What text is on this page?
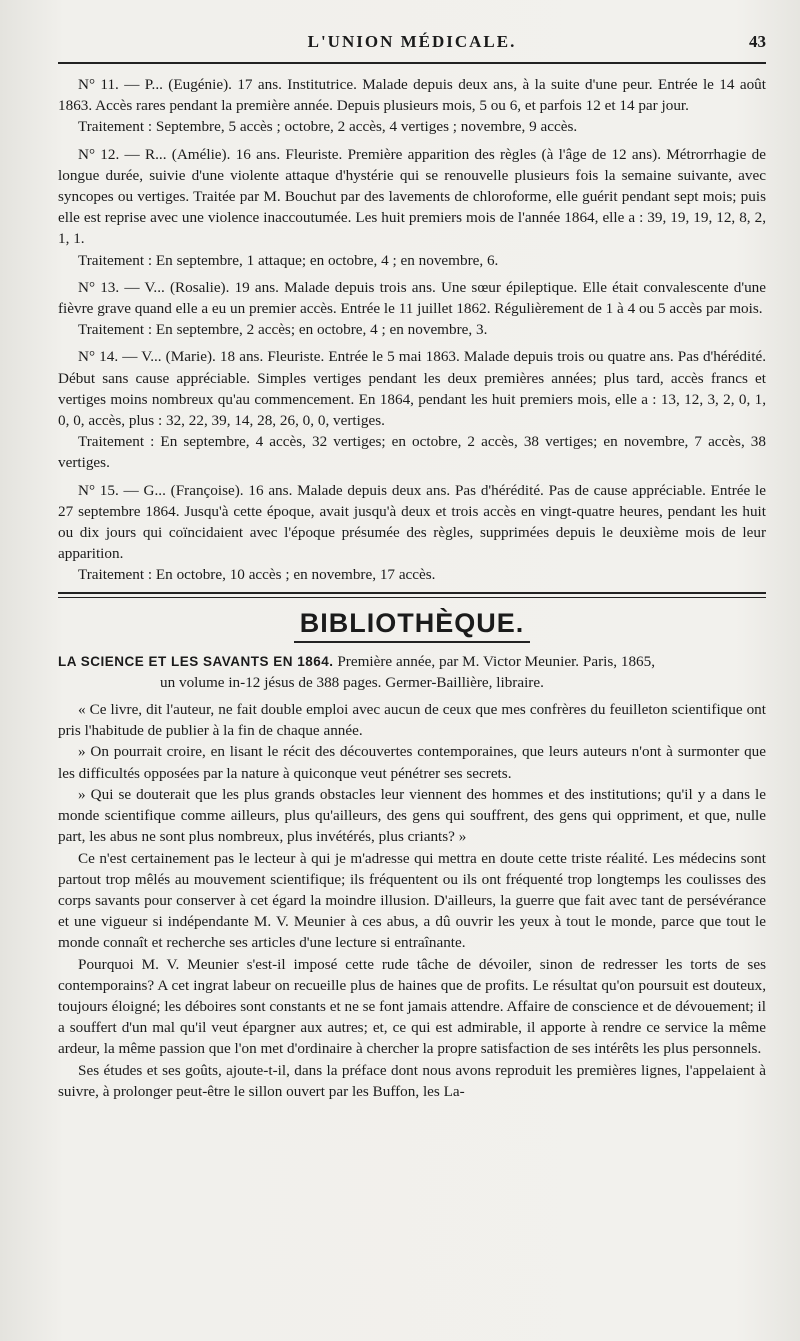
L'UNION MÉDICALE.	43

N° 11. — P... (Eugénie). 17 ans. Institutrice. Malade depuis deux ans, à la suite d'une peur. Entrée le 14 août 1863. Accès rares pendant la première année. Depuis plusieurs mois, 5 ou 6, et parfois 12 et 14 par jour.

Traitement : Septembre, 5 accès ; octobre, 2 accès, 4 vertiges ; novembre, 9 accès.

N° 12. — R... (Amélie). 16 ans. Fleuriste. Première apparition des règles (à l'âge de 12 ans). Métrorrhagie de longue durée, suivie d'une violente attaque d'hystérie qui se renouvelle plusieurs fois la semaine suivante, avec syncopes ou vertiges. Traitée par M. Bouchut par des lavements de chloroforme, elle guérit pendant sept mois; puis elle est reprise avec une violence inaccoutumée. Les huit premiers mois de l'année 1864, elle a : 39, 19, 19, 12, 8, 2, 1, 1.

Traitement : En septembre, 1 attaque; en octobre, 4 ; en novembre, 6.

N° 13. — V... (Rosalie). 19 ans. Malade depuis trois ans. Une sœur épileptique. Elle était convalescente d'une fièvre grave quand elle a eu un premier accès. Entrée le 11 juillet 1862. Régulièrement de 1 à 4 ou 5 accès par mois.

Traitement : En septembre, 2 accès; en octobre, 4 ; en novembre, 3.

N° 14. — V... (Marie). 18 ans. Fleuriste. Entrée le 5 mai 1863. Malade depuis trois ou quatre ans. Pas d'hérédité. Début sans cause appréciable. Simples vertiges pendant les deux premières années; plus tard, accès francs et vertiges moins nombreux qu'au commencement. En 1864, pendant les huit premiers mois, elle a : 13, 12, 3, 2, 0, 1, 0, 0, accès, plus : 32, 22, 39, 14, 28, 26, 0, 0, vertiges.

Traitement : En septembre, 4 accès, 32 vertiges; en octobre, 2 accès, 38 vertiges; en novembre, 7 accès, 38 vertiges.

N° 15. — G... (Françoise). 16 ans. Malade depuis deux ans. Pas d'hérédité. Pas de cause appréciable. Entrée le 27 septembre 1864. Jusqu'à cette époque, avait jusqu'à deux et trois accès en vingt-quatre heures, pendant les huit ou dix jours qui coïncidaient avec l'époque présumée des règles, supprimées depuis le deuxième mois de leur apparition.

Traitement : En octobre, 10 accès ; en novembre, 17 accès.

BIBLIOTHÈQUE.

LA SCIENCE ET LES SAVANTS EN 1864. Première année, par M. Victor Meunier. Paris, 1865,

un volume in-12 jésus de 388 pages. Germer-Baillière, libraire.

« Ce livre, dit l'auteur, ne fait double emploi avec aucun de ceux que mes confrères du feuilleton scientifique ont pris l'habitude de publier à la fin de chaque année.

» On pourrait croire, en lisant le récit des découvertes contemporaines, que leurs auteurs n'ont à surmonter que les difficultés opposées par la nature à quiconque veut pénétrer ses secrets.

» Qui se douterait que les plus grands obstacles leur viennent des hommes et des institutions; qu'il y a dans le monde scientifique comme ailleurs, plus qu'ailleurs, des gens qui souffrent, des gens qui oppriment, et que, nulle part, les abus ne sont plus nombreux, plus invétérés, plus criants? »

Ce n'est certainement pas le lecteur à qui je m'adresse qui mettra en doute cette triste réalité. Les médecins sont partout trop mêlés au mouvement scientifique; ils fréquentent ou ils ont fréquenté trop longtemps les coulisses des corps savants pour conserver à cet égard la moindre illusion. D'ailleurs, la guerre que fait avec tant de persévérance et une vigueur si indépendante M. V. Meunier à ces abus, a dû ouvrir les yeux à tout le monde, parce que tout le monde connaît et recherche ses articles d'une lecture si entraînante.

Pourquoi M. V. Meunier s'est-il imposé cette rude tâche de dévoiler, sinon de redresser les torts de ses contemporains? A cet ingrat labeur on recueille plus de haines que de profits. Le résultat qu'on poursuit est douteux, toujours éloigné; les déboires sont constants et ne se font jamais attendre. Affaire de conscience et de dévouement; il a souffert d'un mal qu'il veut épargner aux autres; et, ce qui est admirable, il apporte à rendre ce service la même ardeur, la même passion que l'on met d'ordinaire à chercher la propre satisfaction de ses intérêts les plus personnels.

Ses études et ses goûts, ajoute-t-il, dans la préface dont nous avons reproduit les premières lignes, l'appelaient à suivre, à prolonger peut-être le sillon ouvert par les Buffon, les La-
